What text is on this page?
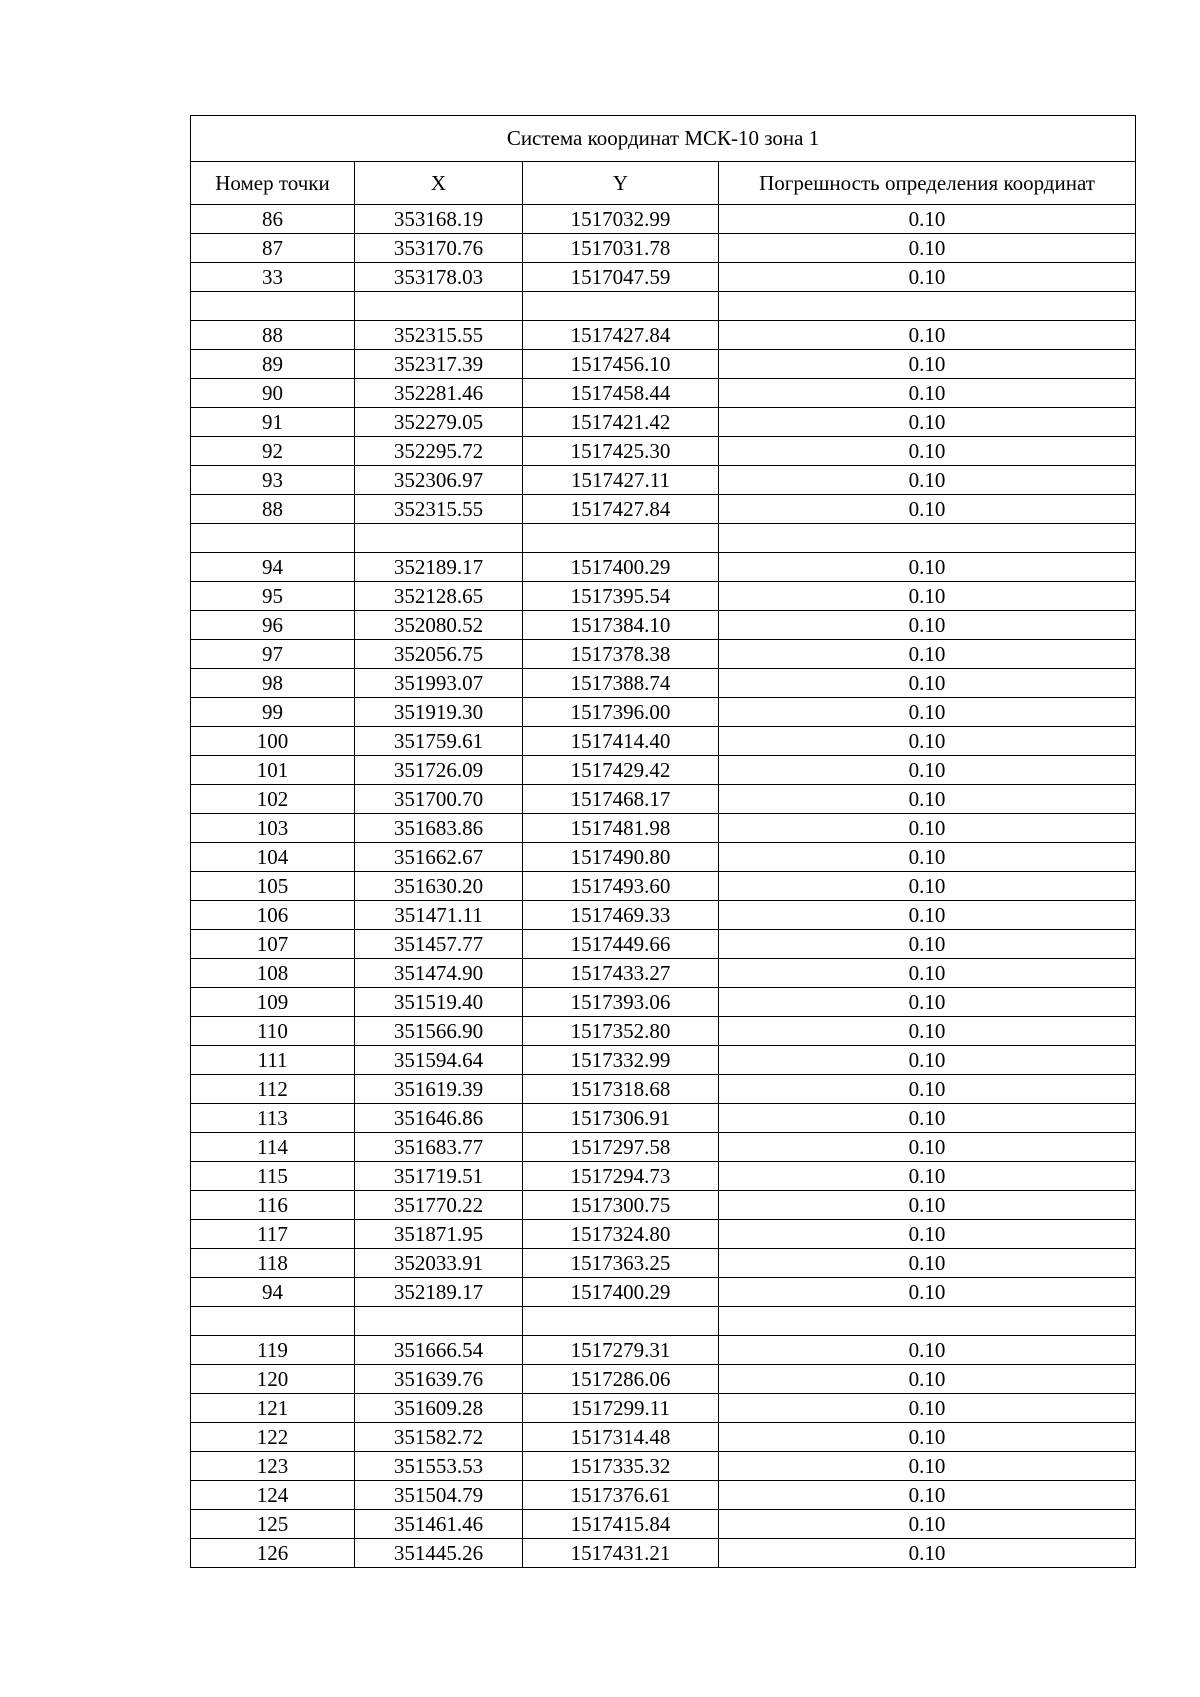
Система координат МСК-10 зона 1			
Номер точки	X	Y	Погрешность определения координат
86	353168.19	1517032.99	0.10
87	353170.76	1517031.78	0.10
33	353178.03	1517047.59	0.10

88	352315.55	1517427.84	0.10
89	352317.39	1517456.10	0.10
90	352281.46	1517458.44	0.10
91	352279.05	1517421.42	0.10
92	352295.72	1517425.30	0.10
93	352306.97	1517427.11	0.10
88	352315.55	1517427.84	0.10

94	352189.17	1517400.29	0.10
95	352128.65	1517395.54	0.10
96	352080.52	1517384.10	0.10
97	352056.75	1517378.38	0.10
98	351993.07	1517388.74	0.10
99	351919.30	1517396.00	0.10
100	351759.61	1517414.40	0.10
101	351726.09	1517429.42	0.10
102	351700.70	1517468.17	0.10
103	351683.86	1517481.98	0.10
104	351662.67	1517490.80	0.10
105	351630.20	1517493.60	0.10
106	351471.11	1517469.33	0.10
107	351457.77	1517449.66	0.10
108	351474.90	1517433.27	0.10
109	351519.40	1517393.06	0.10
110	351566.90	1517352.80	0.10
111	351594.64	1517332.99	0.10
112	351619.39	1517318.68	0.10
113	351646.86	1517306.91	0.10
114	351683.77	1517297.58	0.10
115	351719.51	1517294.73	0.10
116	351770.22	1517300.75	0.10
117	351871.95	1517324.80	0.10
118	352033.91	1517363.25	0.10
94	352189.17	1517400.29	0.10

119	351666.54	1517279.31	0.10
120	351639.76	1517286.06	0.10
121	351609.28	1517299.11	0.10
122	351582.72	1517314.48	0.10
123	351553.53	1517335.32	0.10
124	351504.79	1517376.61	0.10
125	351461.46	1517415.84	0.10
126	351445.26	1517431.21	0.10
